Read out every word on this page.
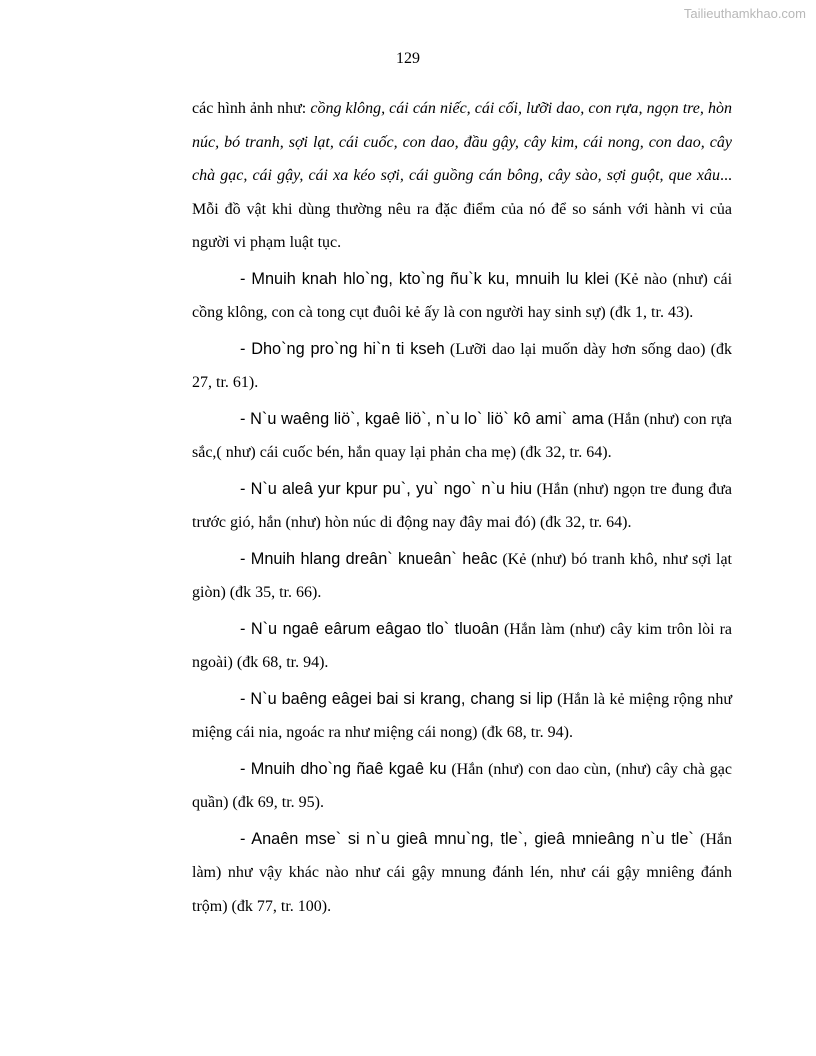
Tailieuthamkhao.com
129

các hình ảnh như: cồng klông, cái cán niếc, cái cối, lưỡi dao, con rựa, ngọn tre, hòn núc, bó tranh, sợi lạt, cái cuốc, con dao, đầu gậy, cây kim, cái nong, con dao, cây chà gạc, cái gậy, cái xa kéo sợi, cái guồng cán bông, cây sào, sợi guột, que xâu... Mỗi đồ vật khi dùng thường nêu ra đặc điểm của nó để so sánh với hành vi của người vi phạm luật tục.

- Mnuih knah hlo`ng, kto`ng ñu`k ku, mnuih lu klei (Kẻ nào (như) cái cồng klông, con cà tong cụt đuôi kẻ ấy là con người hay sinh sự) (đk 1, tr. 43).

- Dho`ng pro`ng hi`n ti kseh (Lưỡi dao lại muốn dày hơn sống dao) (đk 27, tr. 61).

- N`u waêng liö`, kgaê liö`, n`u lo` liö` kô ami` ama (Hắn (như) con rựa sắc,( như) cái cuốc bén, hắn quay lại phản cha mẹ) (đk 32, tr. 64).

- N`u aleâ yur kpur pu`, yu` ngo` n`u hiu (Hắn (như) ngọn tre đung đưa trước gió, hắn (như) hòn núc di động nay đây mai đó) (đk 32, tr. 64).

- Mnuih hlang dreân` knueân` heâc (Kẻ (như) bó tranh khô, như sợi lạt giòn) (đk 35, tr. 66).

- N`u ngaê eârum eâgao tlo` tluoân (Hắn làm (như) cây kim trôn lòi ra ngoài) (đk 68, tr. 94).

- N`u baêng eâgei bai si krang, chang si lip (Hắn là kẻ miệng rộng như miệng cái nia, ngoác ra như miệng cái nong) (đk 68, tr. 94).

- Mnuih dho`ng ñaê kgaê ku (Hắn (như) con dao cùn, (như) cây chà gạc quần) (đk 69, tr. 95).

- Anaên mse` si n`u gieâ mnu`ng, tle`, gieâ mnieâng n`u tle` (Hắn làm) như vậy khác nào như cái gậy mnung đánh lén, như cái gậy mniêng đánh trộm) (đk 77, tr. 100).
